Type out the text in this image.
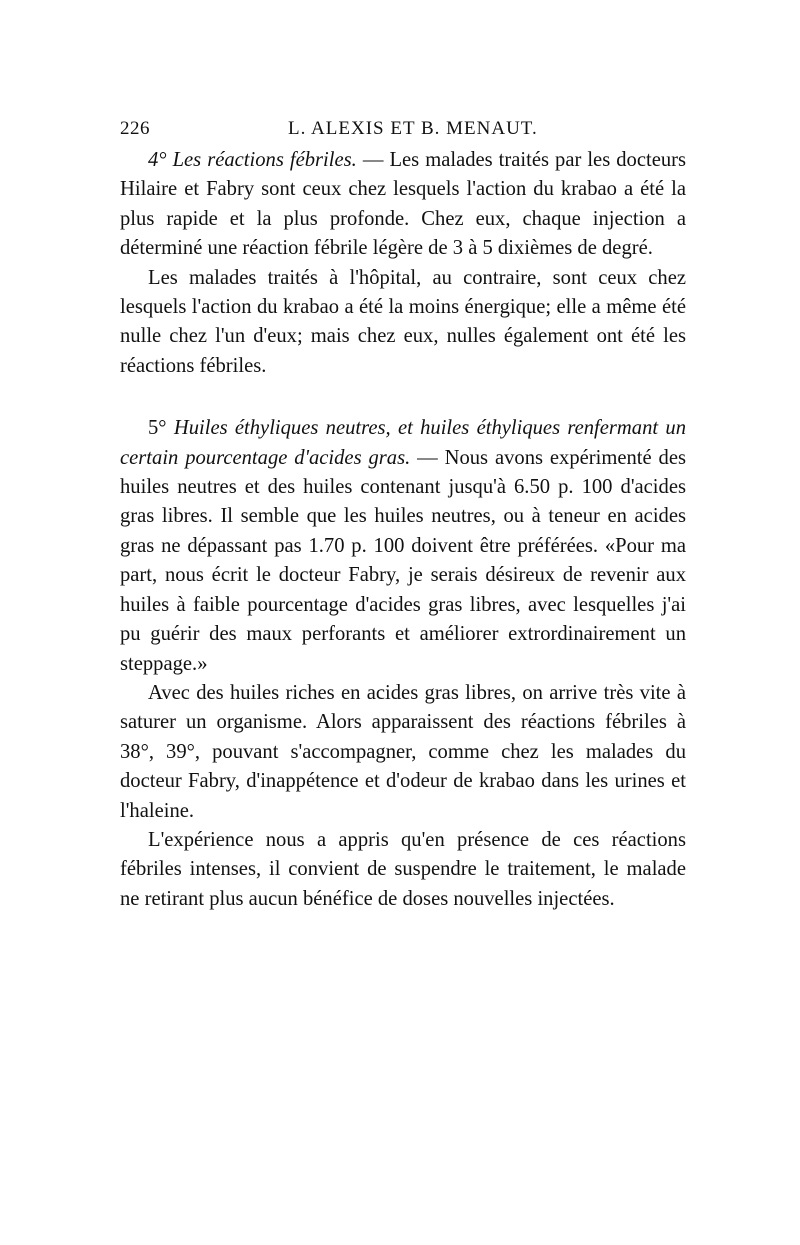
226	L. ALEXIS ET B. MENAUT.

4° Les réactions fébriles. — Les malades traités par les docteurs Hilaire et Fabry sont ceux chez lesquels l'action du krabao a été la plus rapide et la plus profonde. Chez eux, chaque injection a déterminé une réaction fébrile légère de 3 à 5 dixièmes de degré.

Les malades traités à l'hôpital, au contraire, sont ceux chez lesquels l'action du krabao a été la moins énergique; elle a même été nulle chez l'un d'eux; mais chez eux, nulles également ont été les réactions fébriles.

5° Huiles éthyliques neutres, et huiles éthyliques renfermant un certain pourcentage d'acides gras. — Nous avons expérimenté des huiles neutres et des huiles contenant jusqu'à 6.50 p. 100 d'acides gras libres. Il semble que les huiles neutres, ou à teneur en acides gras ne dépassant pas 1.70 p. 100 doivent être préférées. «Pour ma part, nous écrit le docteur Fabry, je serais désireux de revenir aux huiles à faible pourcentage d'acides gras libres, avec lesquelles j'ai pu guérir des maux perforants et améliorer extrordinairement un steppage.»

Avec des huiles riches en acides gras libres, on arrive très vite à saturer un organisme. Alors apparaissent des réactions fébriles à 38°, 39°, pouvant s'accompagner, comme chez les malades du docteur Fabry, d'inappétence et d'odeur de krabao dans les urines et l'haleine.

L'expérience nous a appris qu'en présence de ces réactions fébriles intenses, il convient de suspendre le traitement, le malade ne retirant plus aucun bénéfice de doses nouvelles injectées.
